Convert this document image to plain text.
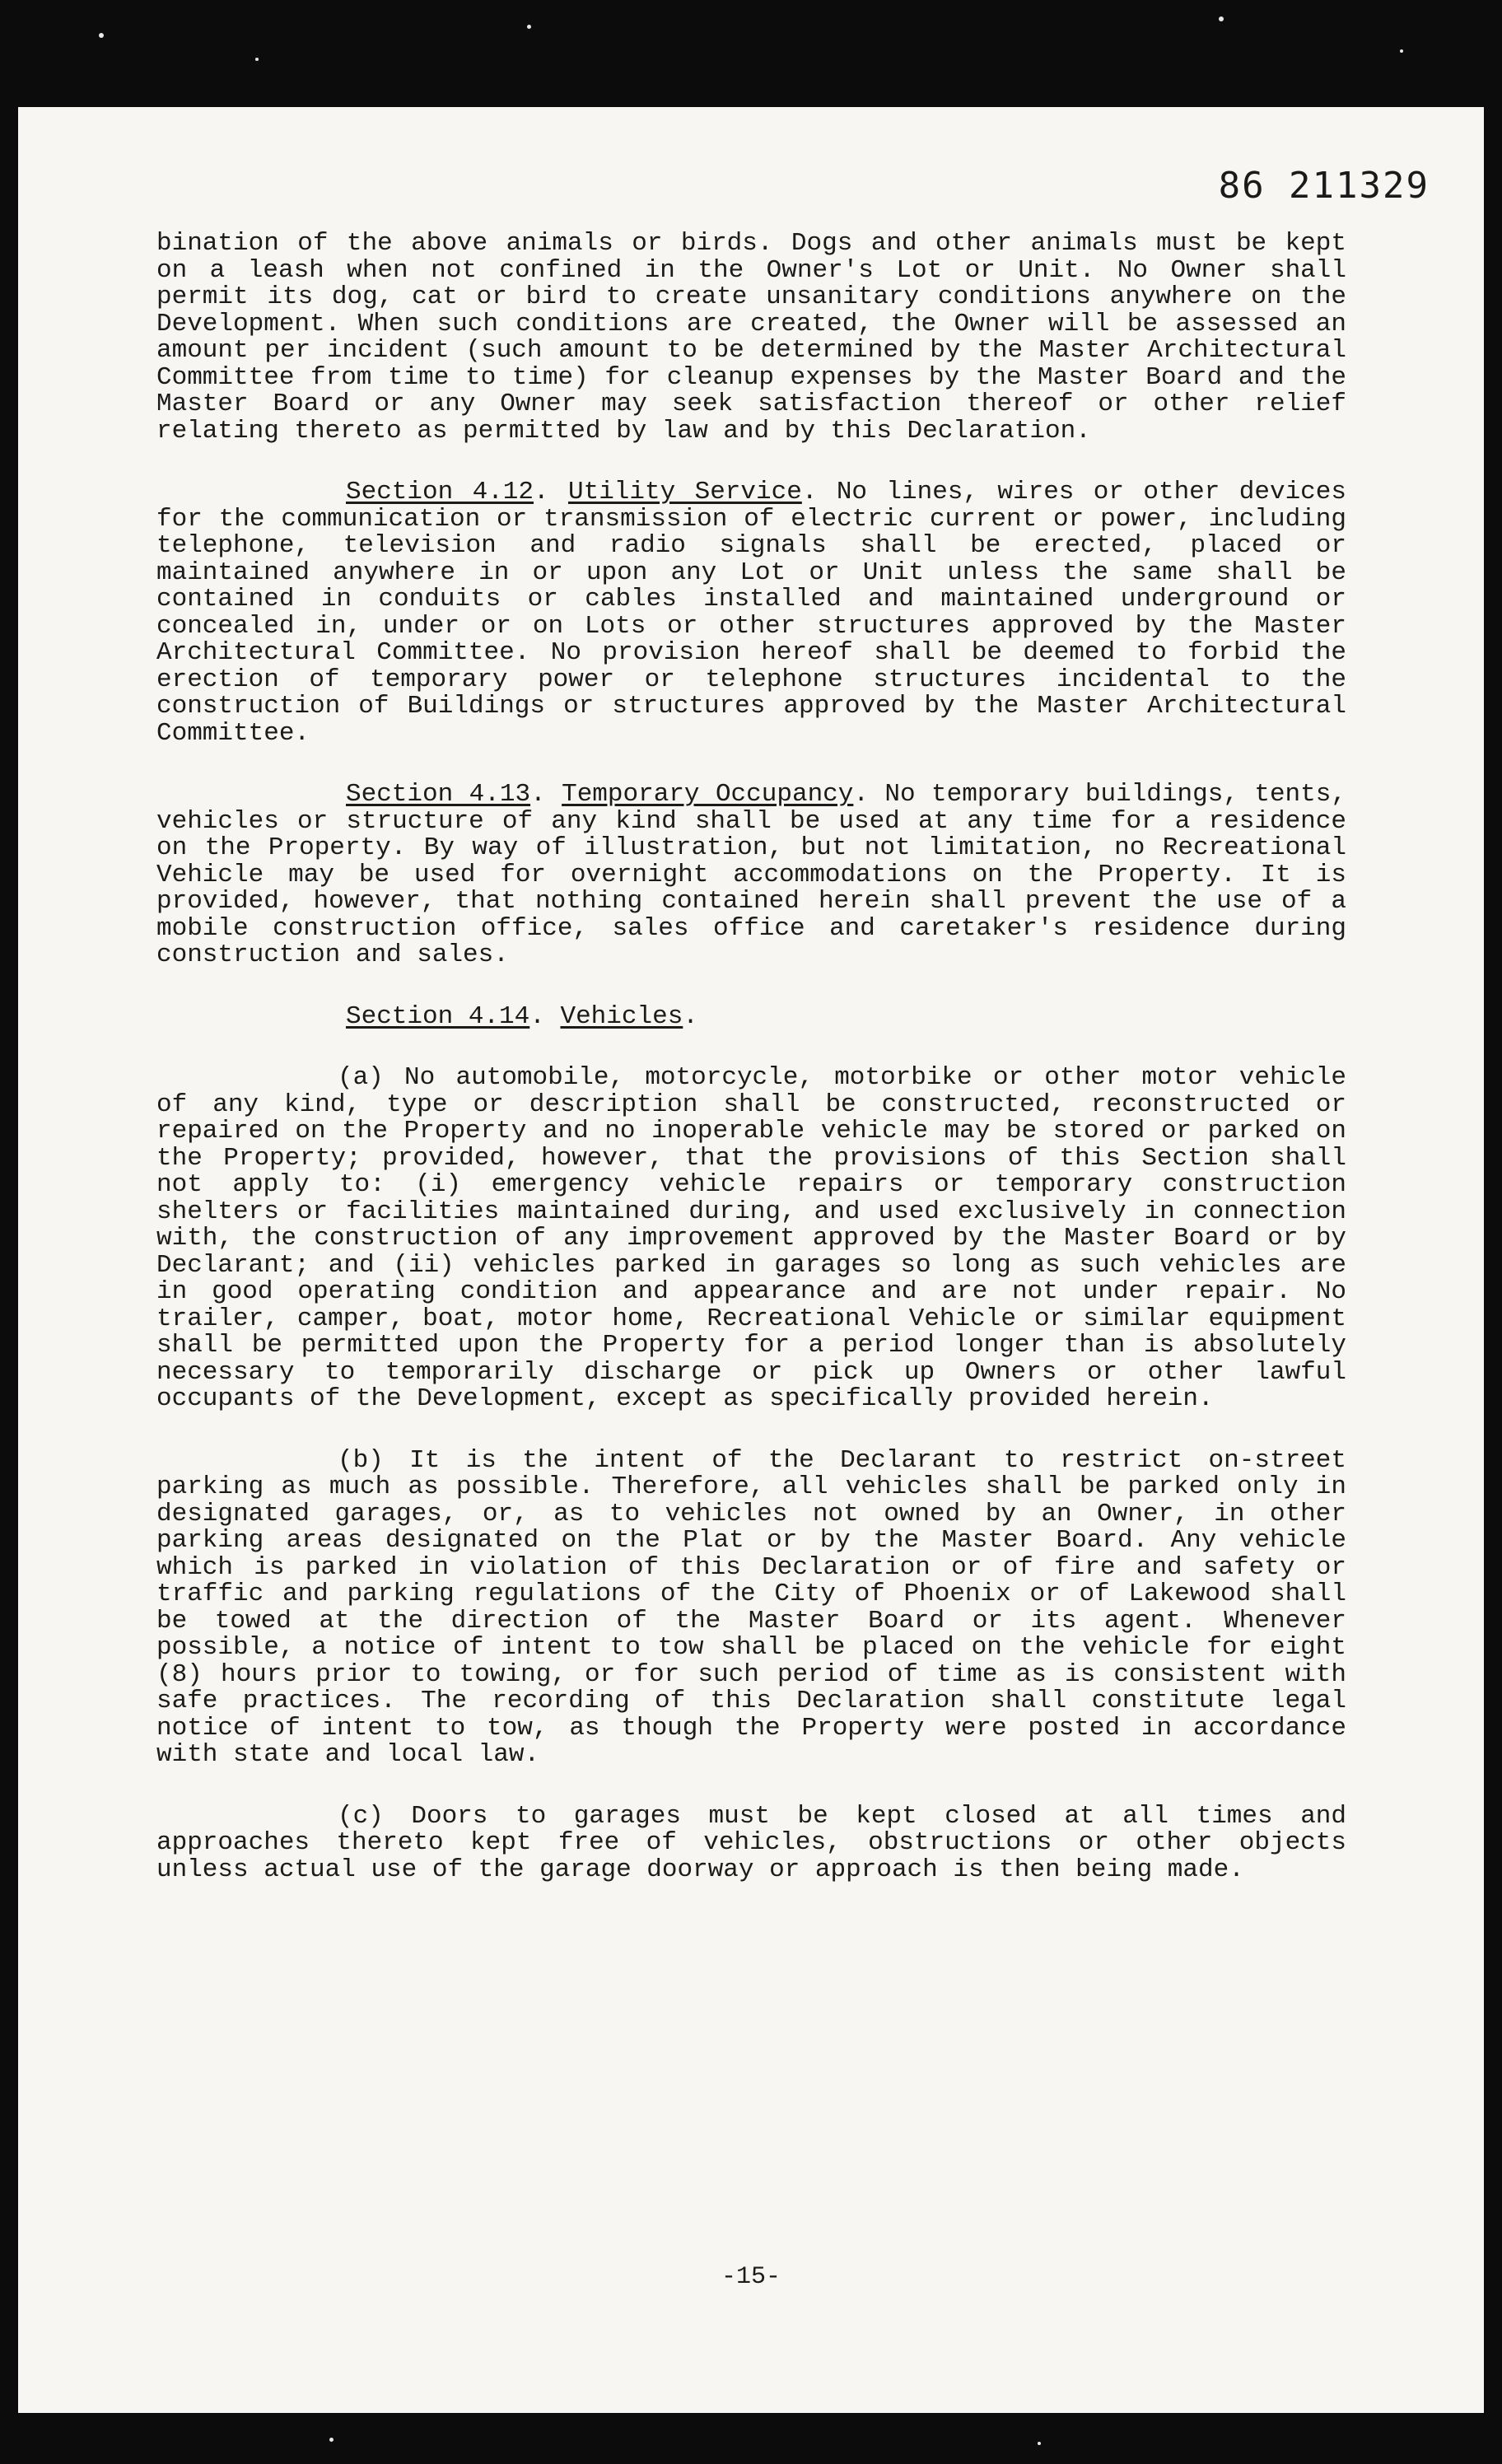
86 211329

bination of the above animals or birds. Dogs and other animals must be kept on a leash when not confined in the Owner's Lot or Unit. No Owner shall permit its dog, cat or bird to create unsanitary conditions anywhere on the Development. When such conditions are created, the Owner will be assessed an amount per incident (such amount to be determined by the Master Architectural Committee from time to time) for cleanup expenses by the Master Board and the Master Board or any Owner may seek satisfaction thereof or other relief relating thereto as permitted by law and by this Declaration.

Section 4.12. Utility Service. No lines, wires or other devices for the communication or transmission of electric current or power, including telephone, television and radio signals shall be erected, placed or maintained anywhere in or upon any Lot or Unit unless the same shall be contained in conduits or cables installed and maintained underground or concealed in, under or on Lots or other structures approved by the Master Architectural Committee. No provision hereof shall be deemed to forbid the erection of temporary power or telephone structures incidental to the construction of Buildings or structures approved by the Master Architectural Committee.

Section 4.13. Temporary Occupancy. No temporary buildings, tents, vehicles or structure of any kind shall be used at any time for a residence on the Property. By way of illustration, but not limitation, no Recreational Vehicle may be used for overnight accommodations on the Property. It is provided, however, that nothing contained herein shall prevent the use of a mobile construction office, sales office and caretaker's residence during construction and sales.

Section 4.14. Vehicles.

(a) No automobile, motorcycle, motorbike or other motor vehicle of any kind, type or description shall be constructed, reconstructed or repaired on the Property and no inoperable vehicle may be stored or parked on the Property; provided, however, that the provisions of this Section shall not apply to: (i) emergency vehicle repairs or temporary construction shelters or facilities maintained during, and used exclusively in connection with, the construction of any improvement approved by the Master Board or by Declarant; and (ii) vehicles parked in garages so long as such vehicles are in good operating condition and appearance and are not under repair. No trailer, camper, boat, motor home, Recreational Vehicle or similar equipment shall be permitted upon the Property for a period longer than is absolutely necessary to temporarily discharge or pick up Owners or other lawful occupants of the Development, except as specifically provided herein.

(b) It is the intent of the Declarant to restrict on-street parking as much as possible. Therefore, all vehicles shall be parked only in designated garages, or, as to vehicles not owned by an Owner, in other parking areas designated on the Plat or by the Master Board. Any vehicle which is parked in violation of this Declaration or of fire and safety or traffic and parking regulations of the City of Phoenix or of Lakewood shall be towed at the direction of the Master Board or its agent. Whenever possible, a notice of intent to tow shall be placed on the vehicle for eight (8) hours prior to towing, or for such period of time as is consistent with safe practices. The recording of this Declaration shall constitute legal notice of intent to tow, as though the Property were posted in accordance with state and local law.

(c) Doors to garages must be kept closed at all times and approaches thereto kept free of vehicles, obstructions or other objects unless actual use of the garage doorway or approach is then being made.

-15-
